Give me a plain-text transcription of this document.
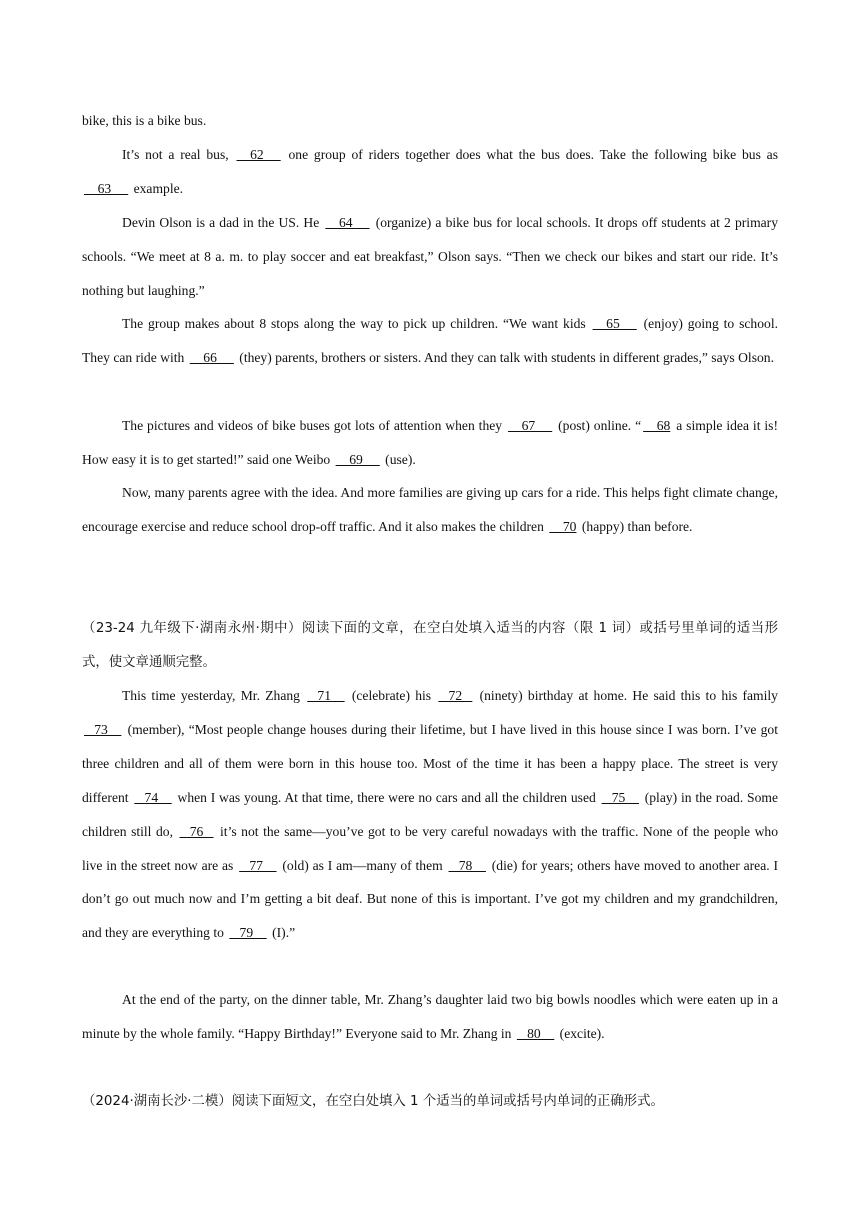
bike, this is a bike bus.

It’s not a real bus,     62      one group of riders together does what the bus does. Take the following bike bus as     63      example.

Devin Olson is a dad in the US. He     64      (organize) a bike bus for local schools. It drops off students at 2 primary schools. “We meet at 8 a. m. to play soccer and eat breakfast,” Olson says. “Then we check our bikes and start our ride. It’s nothing but laughing.”

The group makes about 8 stops along the way to pick up children. “We want kids     65      (enjoy) going to school. They can ride with     66      (they) parents, brothers or sisters. And they can talk with students in different grades,” says Olson.

The pictures and videos of bike buses got lots of attention when they     67      (post) online. “    68 a simple idea it is! How easy it is to get started!” said one Weibo     69      (use).

Now, many parents agree with the idea. And more families are giving up cars for a ride. This helps fight climate change, encourage exercise and reduce school drop-off traffic. And it also makes the children     70 (happy) than before.

（23-24 九年级下·湖南永州·期中）阅读下面的文章，在空白处填入适当的内容（限 1 词）或括号里单词的适当形式，使文章通顺完整。

This time yesterday, Mr. Zhang    71     (celebrate) his    72    (ninety) birthday at home. He said this to his family    73     (member), “Most people change houses during their lifetime, but I have lived in this house since I was born. I’ve got three children and all of them were born in this house too. Most of the time it has been a happy place. The street is very different    74     when I was young. At that time, there were no cars and all the children used    75     (play) in the road. Some children still do,    76    it’s not the same—you’ve got to be very careful nowadays with the traffic. None of the people who live in the street now are as    77     (old) as I am—many of them    78     (die) for years; others have moved to another area. I don’t go out much now and I’m getting a bit deaf. But none of this is important. I’ve got my children and my grandchildren, and they are everything to    79     (I).”

At the end of the party, on the dinner table, Mr. Zhang’s daughter laid two big bowls noodles which were eaten up in a minute by the whole family. “Happy Birthday!” Everyone said to Mr. Zhang in    80     (excite).

（2024·湖南长沙·二模）阅读下面短文，在空白处填入 1 个适当的单词或括号内单词的正确形式。
